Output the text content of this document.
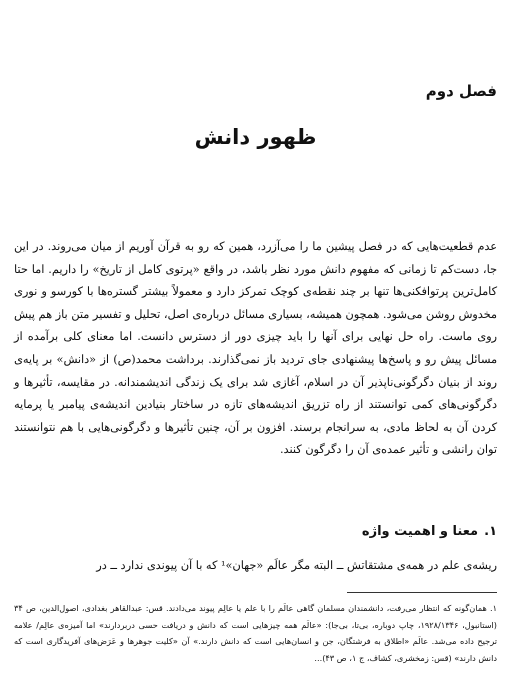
فصل دوم
ظهور دانش

عدم قطعیت‌هایی که در فصل پیشین ما را می‌آزرد، همین که رو به قرآن آوریم از میان می‌روند. در این جا، دست‌کم تا زمانی که مفهوم دانش مورد نظر باشد، در واقع «پرتوی کامل از تاریخ» را داریم. اما حتا کامل‌ترین پرتوافکنی‌ها تنها بر چند نقطه‌ی کوچک تمرکز دارد و معمولاً بیشتر گستره‌ها با کورسو و نوری مخدوش روشن می‌شود. همچون همیشه، بسیاری مسائل درباره‌ی اصل، تحلیل و تفسیر متن باز هم پیش روی ماست. راه حل نهایی برای آنها را باید چیزی دور از دسترس دانست. اما معنای کلی برآمده از مسائل پیش رو و پاسخ‌ها پیشنهادی جای تردید باز نمی‌گذارند. برداشت محمد(ص) از «دانش» بر پایه‌ی روند از بنیان دگرگونی‌ناپذیر آن در اسلام، آغازی شد برای یک زندگی اندیشمندانه. در مقایسه، تأثیرها و دگرگونی‌های کمی توانستند از راه تزریق اندیشه‌های تازه در ساختار بنیادین اندیشه‌ی پیامبر یا پرمایه کردن آن به لحاظ مادی، به سرانجام برسند. افزون بر آن، چنین تأثیرها و دگرگونی‌هایی با هم نتوانستند توان رانشی و تأثیر عمده‌ی آن را دگرگون کنند.

۱.معنا و اهمیت واژه

ریشه‌ی علم در همه‌ی مشتقاتش ــ البته مگر عالَم «جهان»¹ که با آن پیوندی ندارد ــ در

۱. همان‌گونه که انتظار می‌رفت، دانشمندان مسلمان گاهی عالَم را با علم یا عالِم پیوند می‌دادند. قس: عبدالقاهر بغدادی، اصول‌الدین، ص ۳۴ (استانبول، ۱۹۲۸/۱۳۴۶، چاپ دوباره، بی‌تا، بی‌جا): «عالَم همه چیزهایی است که دانش و دریافت حسی دربردارند» اما آمیزه‌ی عالِم/ علامه ترجیح داده می‌شد. عالَم «اطلاق به فرشتگان، جن و انسان‌هایی است که دانش دارند.» آن «کلیت جوهرها و عَرَض‌های آفریدگاری است که دانش دارند» (قس: زمخشری، کشاف، ج ۱، ص ۴۳)...
